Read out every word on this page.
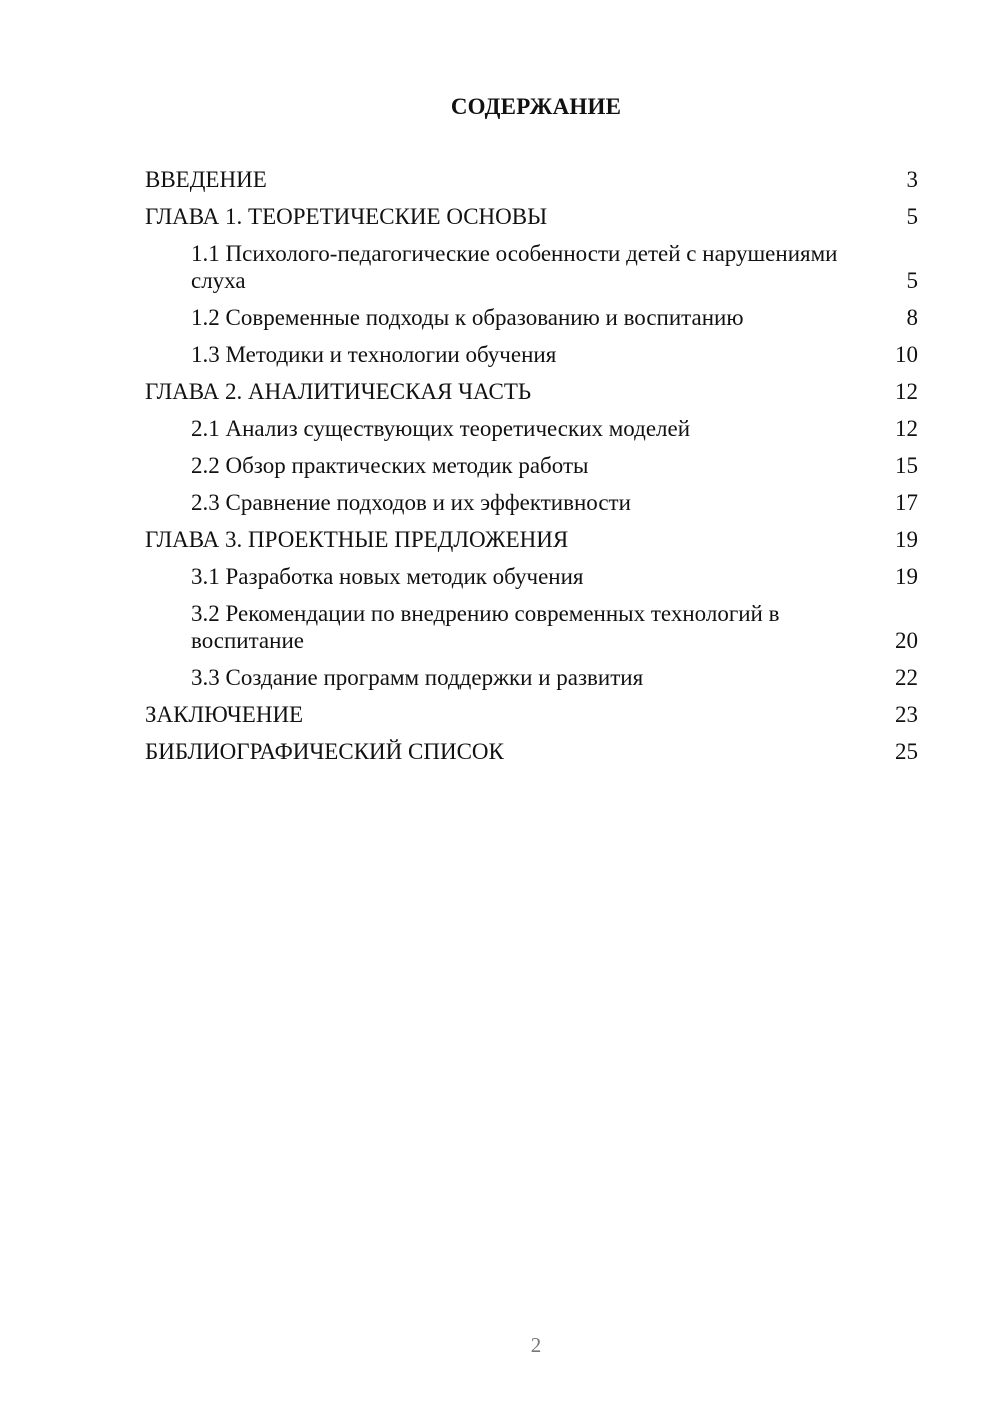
СОДЕРЖАНИЕ
ВВЕДЕНИЕ	3
ГЛАВА 1. ТЕОРЕТИЧЕСКИЕ ОСНОВЫ	5
1.1 Психолого-педагогические особенности детей с нарушениями слуха	5
1.2 Современные подходы к образованию и воспитанию	8
1.3 Методики и технологии обучения	10
ГЛАВА 2. АНАЛИТИЧЕСКАЯ ЧАСТЬ	12
2.1 Анализ существующих теоретических моделей	12
2.2 Обзор практических методик работы	15
2.3 Сравнение подходов и их эффективности	17
ГЛАВА 3. ПРОЕКТНЫЕ ПРЕДЛОЖЕНИЯ	19
3.1 Разработка новых методик обучения	19
3.2 Рекомендации по внедрению современных технологий в воспитание	20
3.3 Создание программ поддержки и развития	22
ЗАКЛЮЧЕНИЕ	23
БИБЛИОГРАФИЧЕСКИЙ СПИСОК	25
2
